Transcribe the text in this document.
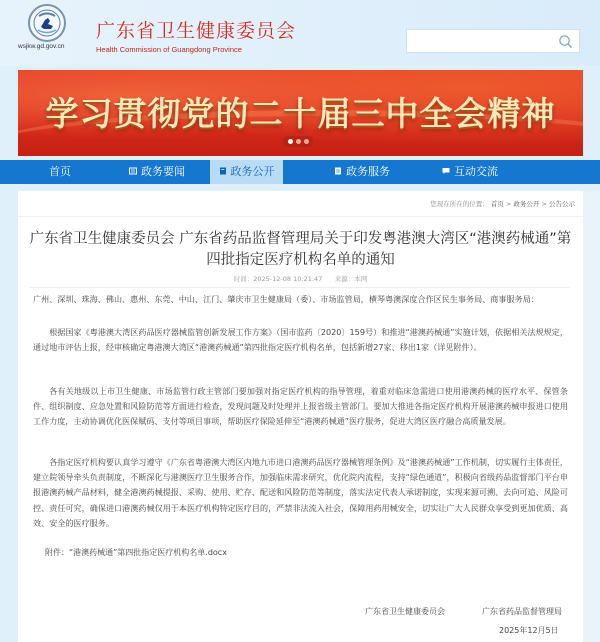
wsjkw.gd.gov.cn
广东省卫生健康委员会
Health Commission of Guangdong Province
学习贯彻党的二十届三中全会精神
首页	政务要闻	政务公开	政务服务	互动交流
您现在所在的位置： 首页 > 政务公开 > 公告公示
广东省卫生健康委员会 广东省药品监督管理局关于印发粤港澳大湾区“港澳药械通”第四批指定医疗机构名单的通知
时间：2025-12-08 10:21:47 来源：本网
广州、深圳、珠海、佛山、惠州、东莞、中山、江门、肇庆市卫生健康局（委）、市场监管局，横琴粤澳深度合作区民生事务局、商事服务局：
根据国家《粤港澳大湾区药品医疗器械监管创新发展工作方案》（国市监药〔2020〕159号）和推进“港澳药械通”实施计划，依据相关法规规定，通过地市评估上报，经审核确定粤港澳大湾区“港澳药械通”第四批指定医疗机构名单，包括新增27家、移出1家（详见附件）。
各有关地级以上市卫生健康、市场监管行政主管部门要加强对指定医疗机构的指导管理，着重对临床急需进口使用港澳药械的医疗水平、保管条件、组织制度、应急处置和风险防范等方面进行检查，发现问题及时处理并上报省级主管部门。要加大推进各指定医疗机构开展港澳药械申报进口使用工作力度，主动协调优化医保赋码、支付等项目事项，帮助医疗保险延伸至“港澳药械通”医疗服务，促进大湾区医疗融合高质量发展。
各指定医疗机构要认真学习遵守《广东省粤港澳大湾区内地九市进口港澳药品医疗器械管理条例》及“港澳药械通”工作机制，切实履行主体责任，建立院领导牵头负责制度，不断深化与港澳医疗卫生服务合作，加强临床需求研究，优化院内流程，支持“绿色通道”，积极向省级药品监督部门平台申报港澳药械产品材料，健全港澳药械提报、采购、使用、贮存、配送和风险防范等制度，落实法定代表人承诺制度，实现来源可溯、去向可追、风险可控、责任可究，确保进口港澳药械仅用于本医疗机构特定医疗目的，严禁非法流入社会，保障用药用械安全，切实让广大人民群众享受到更加优质、高效、安全的医疗服务。
附件：“港澳药械通”第四批指定医疗机构名单.docx
广东省卫生健康委员会	广东省药品监督管理局
2025年12月5日
